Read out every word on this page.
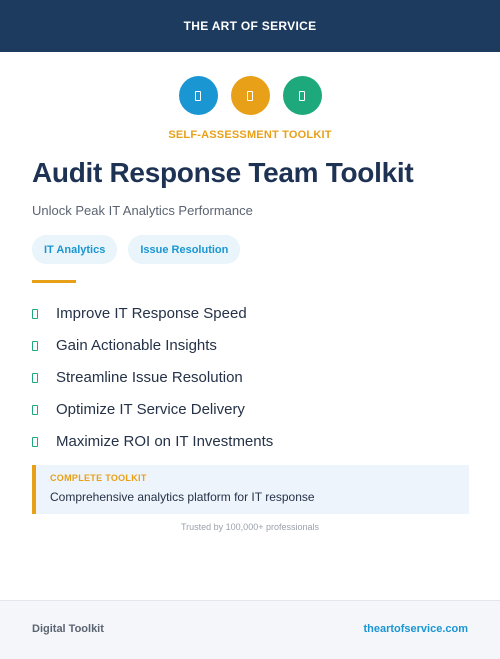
THE ART OF SERVICE
SELF-ASSESSMENT TOOLKIT
Audit Response Team Toolkit
Unlock Peak IT Analytics Performance
IT Analytics	Issue Resolution
Improve IT Response Speed
Gain Actionable Insights
Streamline Issue Resolution
Optimize IT Service Delivery
Maximize ROI on IT Investments
COMPLETE TOOLKIT
Comprehensive analytics platform for IT response
Trusted by 100,000+ professionals
Digital Toolkit	theartofservice.com
